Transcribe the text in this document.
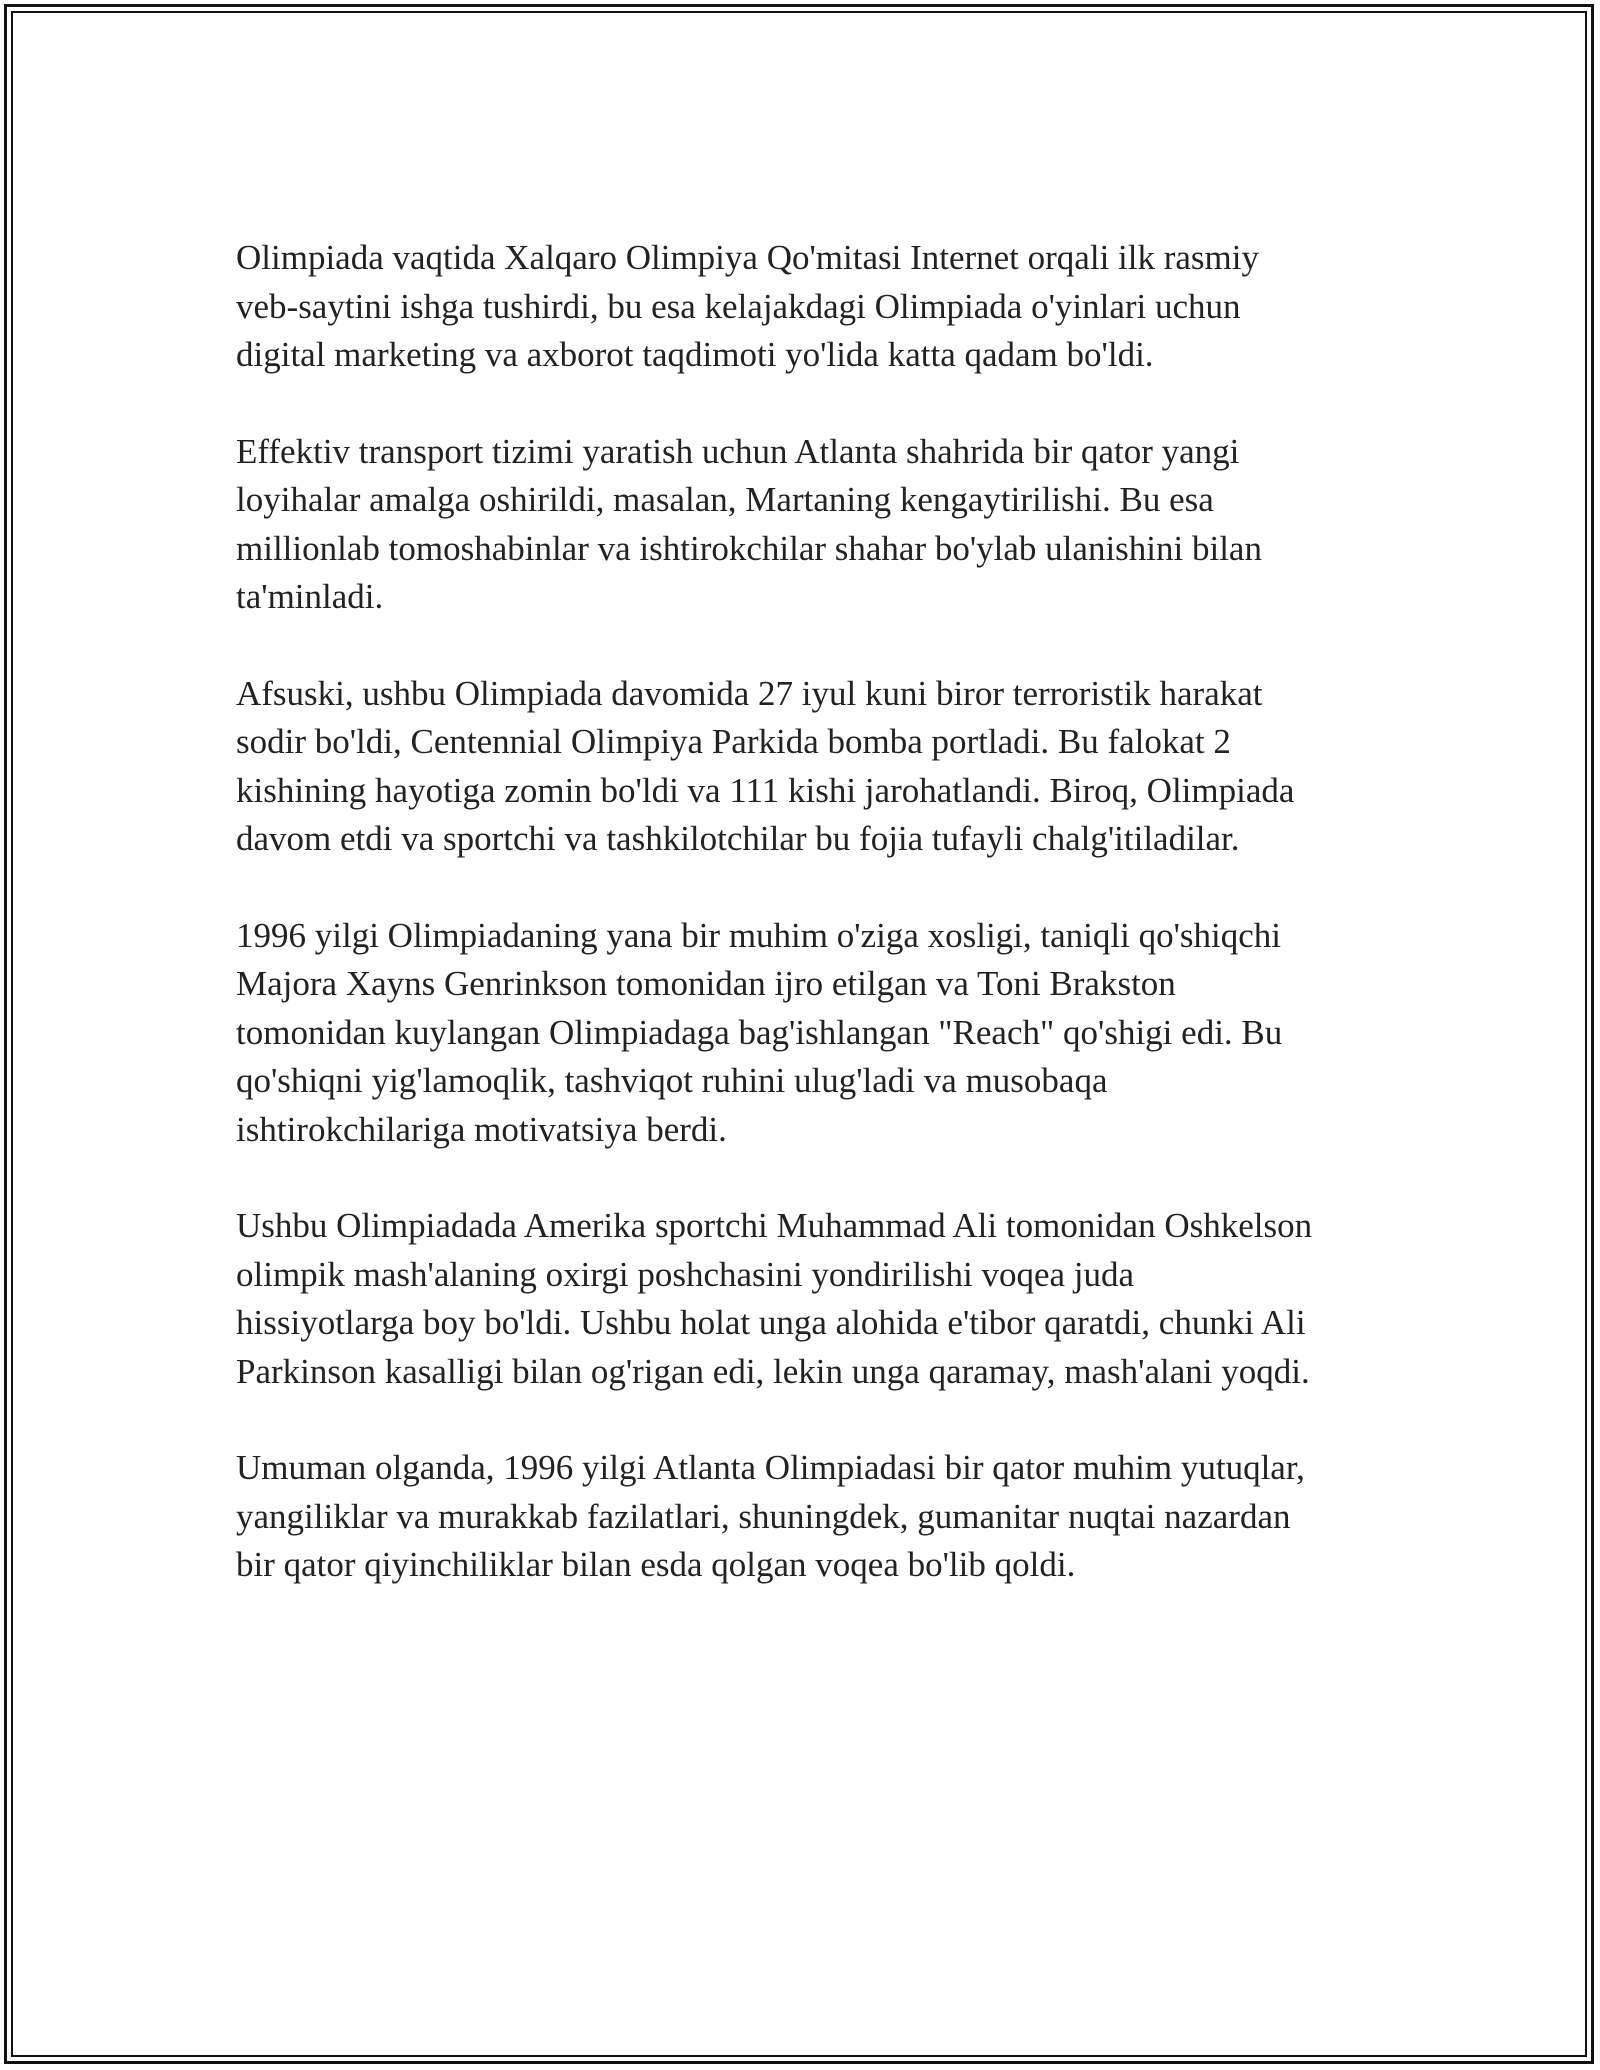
Olimpiada vaqtida Xalqaro Olimpiya Qo'mitasi Internet orqali ilk rasmiy
veb-saytini ishga tushirdi, bu esa kelajakdagi Olimpiada o'yinlari uchun
digital marketing va axborot taqdimoti yo'lida katta qadam bo'ldi.

Effektiv transport tizimi yaratish uchun Atlanta shahrida bir qator yangi
loyihalar amalga oshirildi, masalan, Martaning kengaytirilishi. Bu esa
millionlab tomoshabinlar va ishtirokchilar shahar bo'ylab ulanishini bilan
ta'minladi.

Afsuski, ushbu Olimpiada davomida 27 iyul kuni biror terroristik harakat
sodir bo'ldi, Centennial Olimpiya Parkida bomba portladi. Bu falokat 2
kishining hayotiga zomin bo'ldi va 111 kishi jarohatlandi. Biroq, Olimpiada
davom etdi va sportchi va tashkilotchilar bu fojia tufayli chalg'itiladilar.

1996 yilgi Olimpiadaning yana bir muhim o'ziga xosligi, taniqli qo'shiqchi
Majora Xayns Genrinkson tomonidan ijro etilgan va Toni Brakston
tomonidan kuylangan Olimpiadaga bag'ishlangan "Reach" qo'shigi edi. Bu
qo'shiqni yig'lamoqlik, tashviqot ruhini ulug'ladi va musobaqa
ishtirokchilariga motivatsiya berdi.

Ushbu Olimpiadada Amerika sportchi Muhammad Ali tomonidan Oshkelson
olimpik mash'alaning oxirgi poshchasini yondirilishi voqea juda
hissiyotlarga boy bo'ldi. Ushbu holat unga alohida e'tibor qaratdi, chunki Ali
Parkinson kasalligi bilan og'rigan edi, lekin unga qaramay, mash'alani yoqdi.

Umuman olganda, 1996 yilgi Atlanta Olimpiadasi bir qator muhim yutuqlar,
yangiliklar va murakkab fazilatlari, shuningdek, gumanitar nuqtai nazardan
bir qator qiyinchiliklar bilan esda qolgan voqea bo'lib qoldi.
